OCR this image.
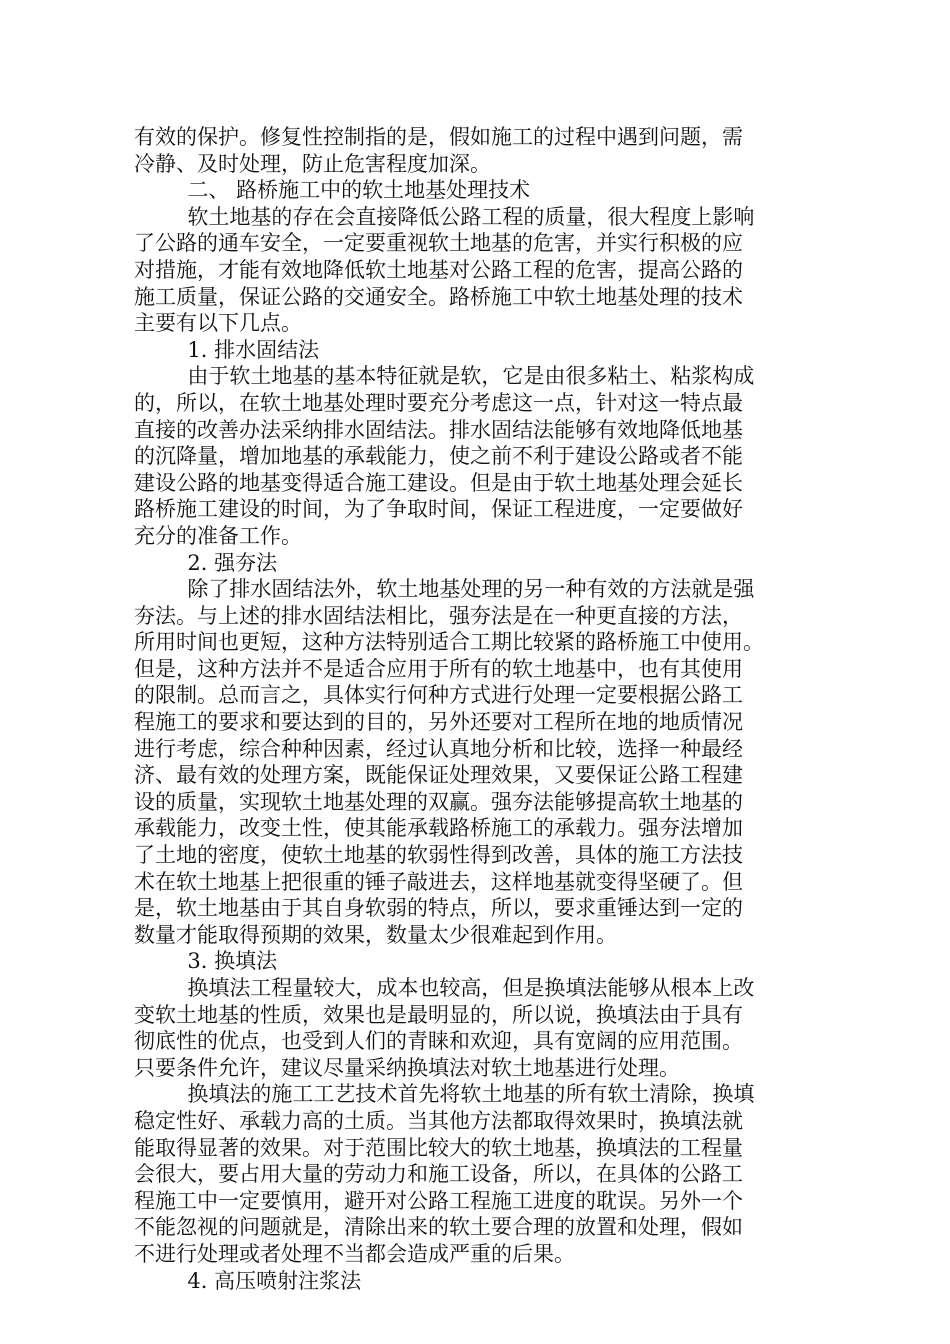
有效的保护。修复性控制指的是，假如施工的过程中遇到问题，需
冷静、及时处理，防止危害程度加深。
二、 路桥施工中的软土地基处理技术
软土地基的存在会直接降低公路工程的质量，很大程度上影响
了公路的通车安全，一定要重视软土地基的危害，并实行积极的应
对措施，才能有效地降低软土地基对公路工程的危害，提高公路的
施工质量，保证公路的交通安全。路桥施工中软土地基处理的技术
主要有以下几点。
1. 排水固结法
由于软土地基的基本特征就是软，它是由很多粘土、粘浆构成
的，所以，在软土地基处理时要充分考虑这一点，针对这一特点最
直接的改善办法采纳排水固结法。排水固结法能够有效地降低地基
的沉降量，增加地基的承载能力，使之前不利于建设公路或者不能
建设公路的地基变得适合施工建设。但是由于软土地基处理会延长
路桥施工建设的时间，为了争取时间，保证工程进度，一定要做好
充分的准备工作。
2. 强夯法
除了排水固结法外，软土地基处理的另一种有效的方法就是强
夯法。与上述的排水固结法相比，强夯法是在一种更直接的方法，
所用时间也更短，这种方法特别适合工期比较紧的路桥施工中使用。
但是，这种方法并不是适合应用于所有的软土地基中，也有其使用
的限制。总而言之，具体实行何种方式进行处理一定要根据公路工
程施工的要求和要达到的目的，另外还要对工程所在地的地质情况
进行考虑，综合种种因素，经过认真地分析和比较，选择一种最经
济、最有效的处理方案，既能保证处理效果，又要保证公路工程建
设的质量，实现软土地基处理的双赢。强夯法能够提高软土地基的
承载能力，改变土性，使其能承载路桥施工的承载力。强夯法增加
了土地的密度，使软土地基的软弱性得到改善，具体的施工方法技
术在软土地基上把很重的锤子敲进去，这样地基就变得坚硬了。但
是，软土地基由于其自身软弱的特点，所以，要求重锤达到一定的
数量才能取得预期的效果，数量太少很难起到作用。
3. 换填法
换填法工程量较大，成本也较高，但是换填法能够从根本上改
变软土地基的性质，效果也是最明显的，所以说，换填法由于具有
彻底性的优点，也受到人们的青睐和欢迎，具有宽阔的应用范围。
只要条件允许，建议尽量采纳换填法对软土地基进行处理。
换填法的施工工艺技术首先将软土地基的所有软土清除，换填
稳定性好、承载力高的土质。当其他方法都取得效果时，换填法就
能取得显著的效果。对于范围比较大的软土地基，换填法的工程量
会很大，要占用大量的劳动力和施工设备，所以，在具体的公路工
程施工中一定要慎用，避开对公路工程施工进度的耽误。另外一个
不能忽视的问题就是，清除出来的软土要合理的放置和处理，假如
不进行处理或者处理不当都会造成严重的后果。
4. 高压喷射注浆法
